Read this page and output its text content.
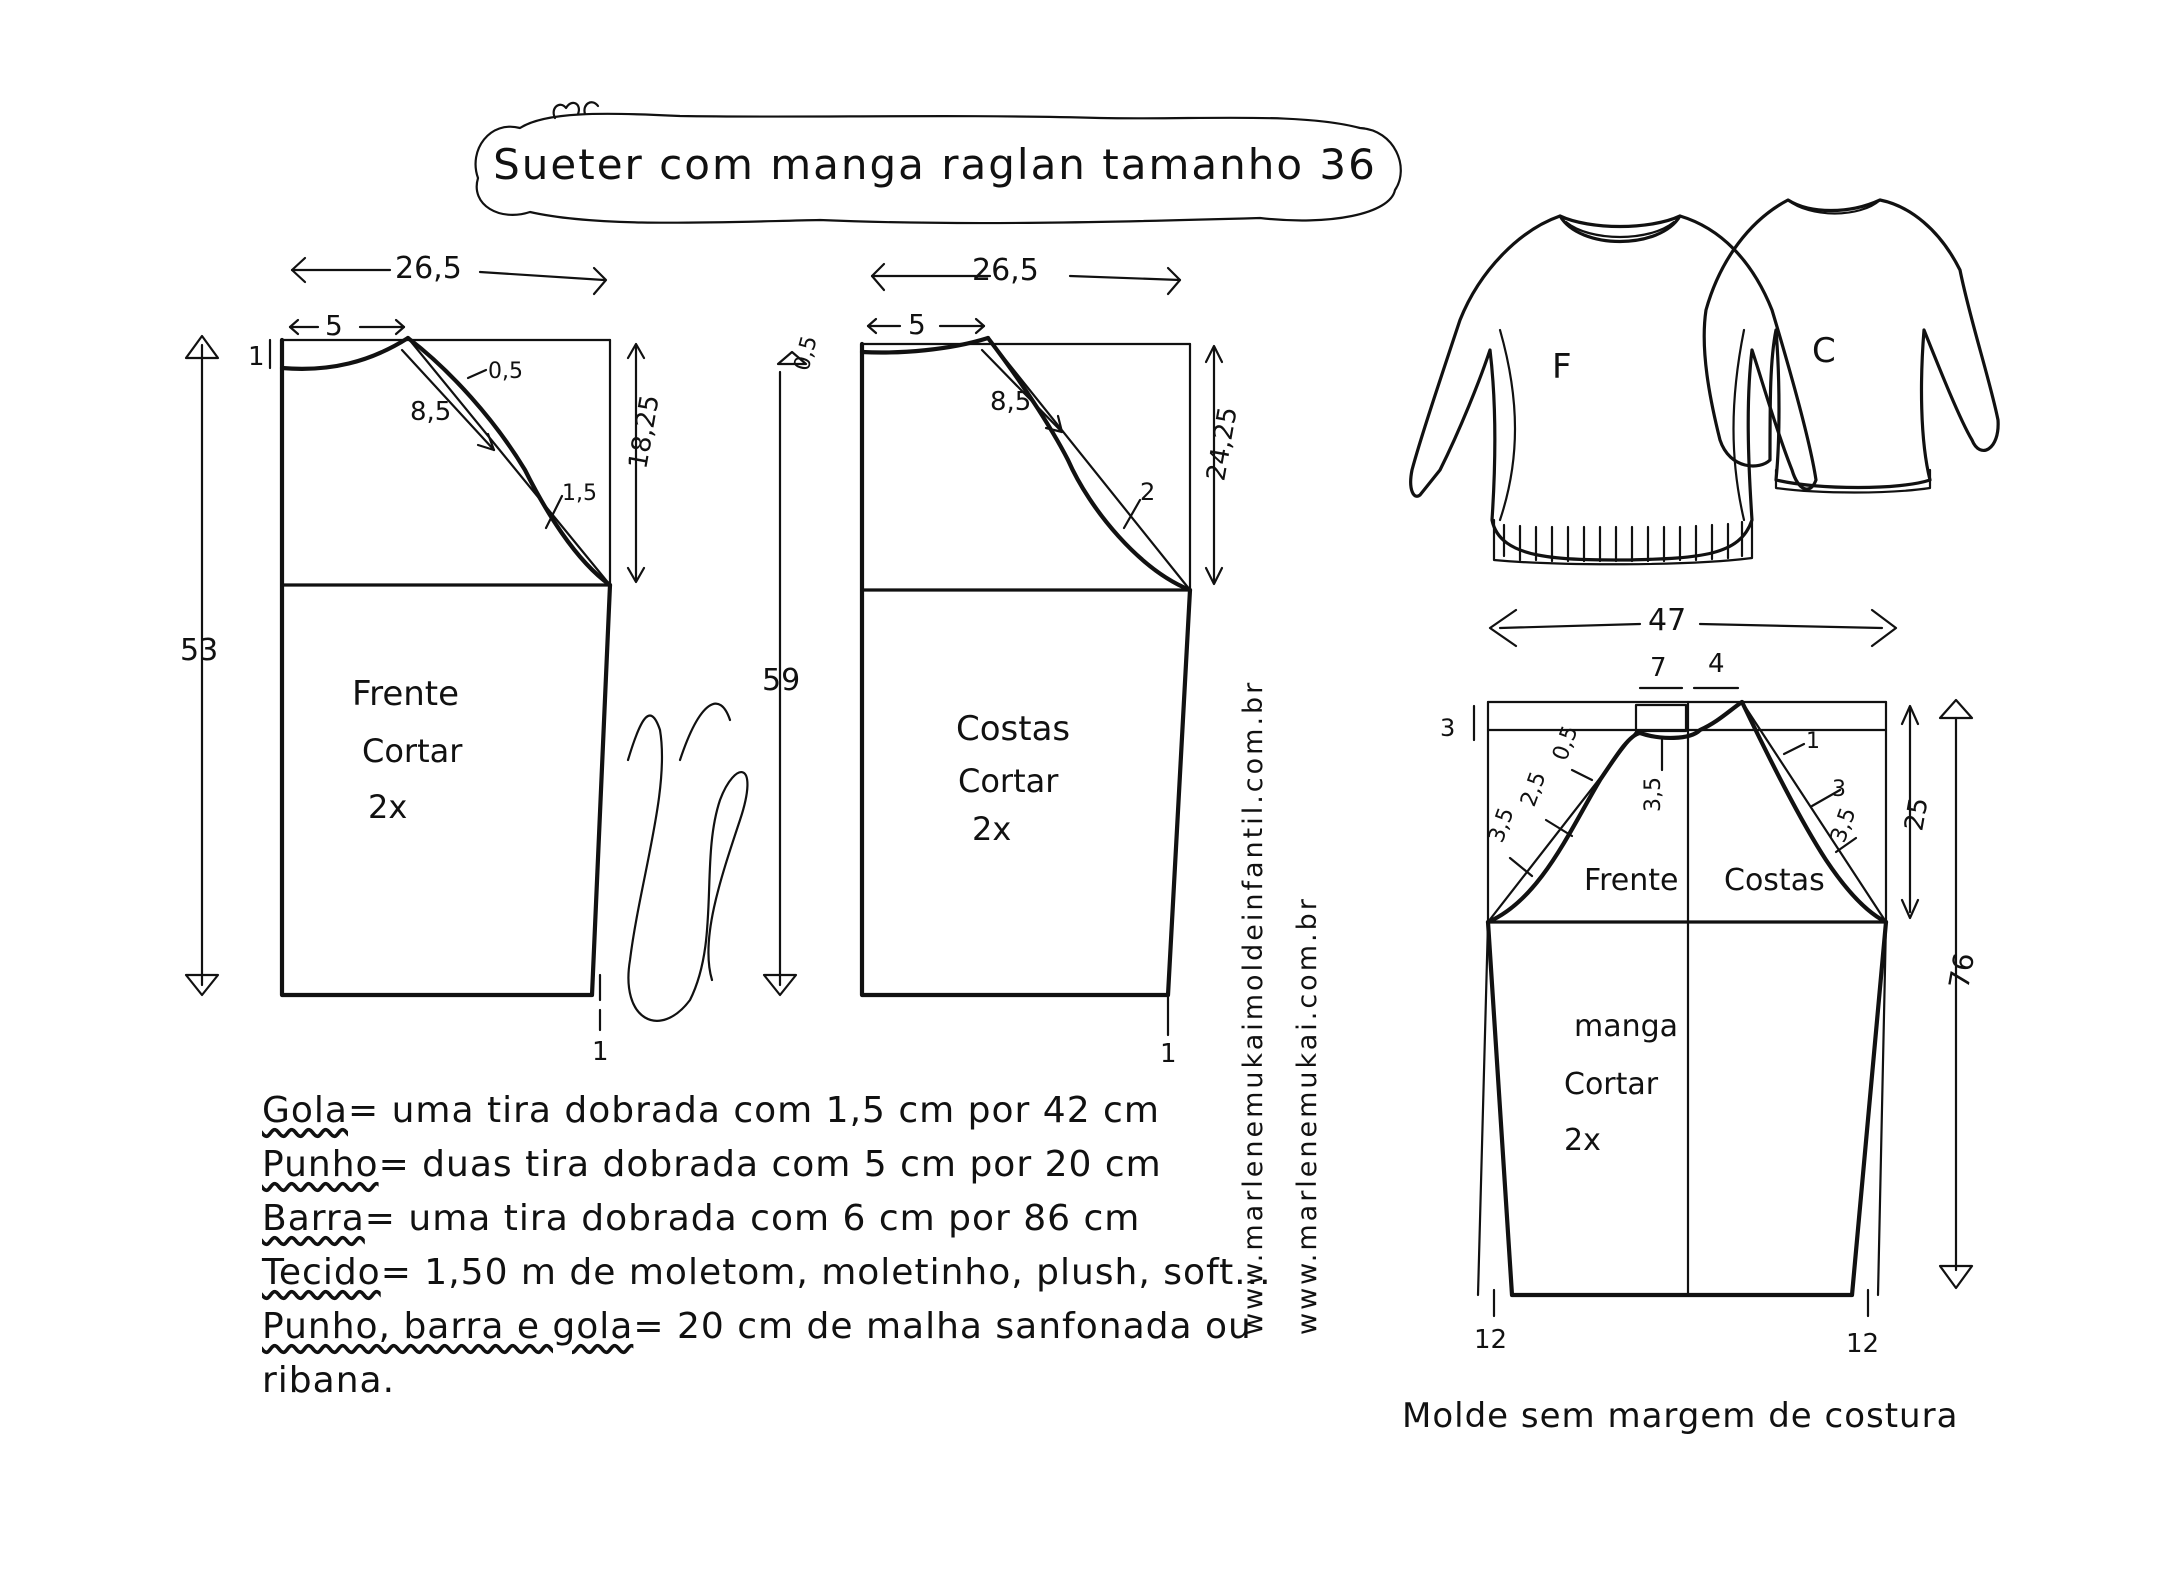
26,5
5
1	0,5
8,5
1,5
18,25
53
1
Frente
Cortar
2x
26,5
5
0,5
8,5
2
24,25
59
1
Costas
Cortar
2x	www.marlenemukaimoldeinfantil.com.br www.marlenemukai.com.br
F	C
47
7 4
3
3,5
0,5
2,5
3,5
1
3
3,5 25
76
12	12
Frente Costas
manga
Cortar
2x
Sueter com manga raglan tamanho 36
Gola= uma tira dobrada com 1,5 cm por 42 cm
Punho= duas tira dobrada com 5 cm por 20 cm
Barra= uma tira dobrada com 6 cm por 86 cm
Tecido= 1,50 m de moletom, moletinho, plush, soft...
Punho, barra e gola= 20 cm de malha sanfonada ou
ribana.
Molde sem margem de costura
